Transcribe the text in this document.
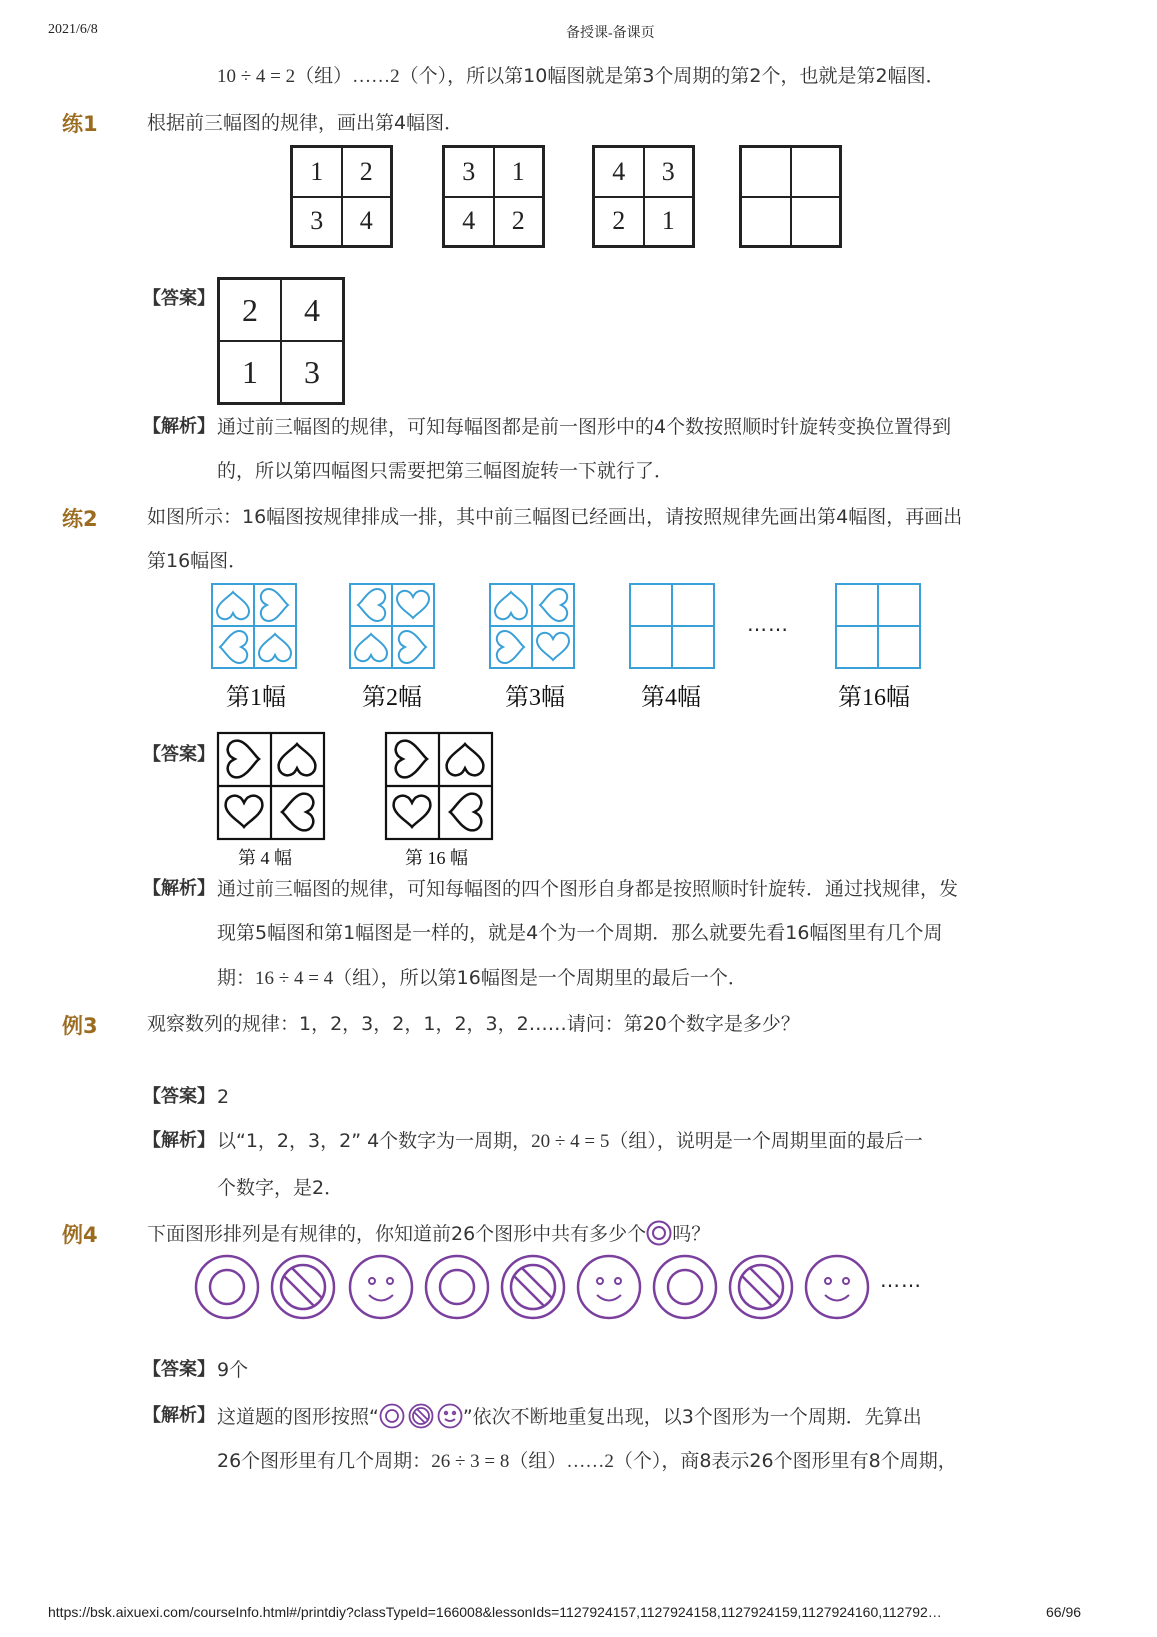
2021/6/8	备授课-备课页
10 ÷ 4 = 2（组）……2（个），所以第10幅图就是第3个周期的第2个，也就是第2幅图．
练1	根据前三幅图的规律，画出第4幅图．
1	2
3	4
3	1
4	2
4	3
2	1
【答案】 2	4
1	3
【解析】 通过前三幅图的规律，可知每幅图都是前一图形中的4个数按照顺时针旋转变换位置得到
的，所以第四幅图只需要把第三幅图旋转一下就行了．
练2	如图所示：16幅图按规律排成一排，其中前三幅图已经画出，请按照规律先画出第4幅图，再画出
第16幅图．
……
第1幅	第2幅	第3幅	第4幅	第16幅
【答案】
第 4 幅	第 16 幅
【解析】 通过前三幅图的规律，可知每幅图的四个图形自身都是按照顺时针旋转．通过找规律，发
现第5幅图和第1幅图是一样的，就是4个为一个周期．那么就要先看16幅图里有几个周
期：16 ÷ 4 = 4（组），所以第16幅图是一个周期里的最后一个．
例3	观察数列的规律：1，2，3，2，1，2，3，2……请问：第20个数字是多少？
【答案】 2
【解析】 以“1，2，3，2” 4个数字为一周期，20 ÷ 4 = 5（组），说明是一个周期里面的最后一
个数字，是2．
例4	下面图形排列是有规律的，你知道前26个图形中共有多少个 吗？
……
【答案】 9个
【解析】 这道题的图形按照“	”依次不断地重复出现，以3个图形为一个周期．先算出
26个图形里有几个周期：26 ÷ 3 = 8（组）……2（个），商8表示26个图形里有8个周期，
https://bsk.aixuexi.com/courseInfo.html#/printdiy?classTypeId=166008&lessonIds=1127924157,1127924158,1127924159,1127924160,112792…	66/96
